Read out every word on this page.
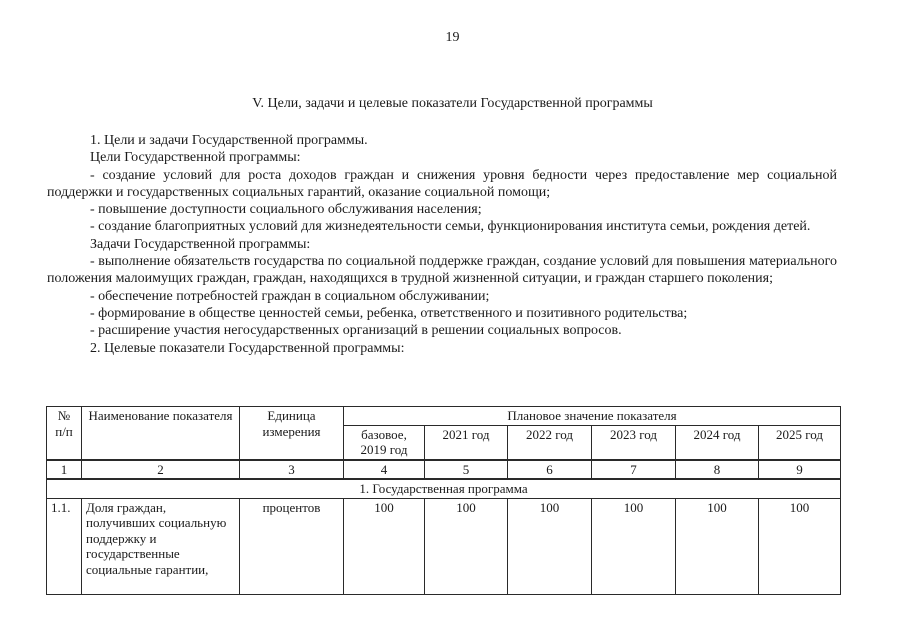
19
V. Цели, задачи и целевые показатели Государственной программы

1. Цели и задачи Государственной программы.

Цели Государственной программы:

- создание условий для роста доходов граждан и снижения уровня бедности через предоставление мер социальной поддержки и государственных социальных гарантий, оказание социальной помощи;

- повышение доступности социального обслуживания населения;

- создание благоприятных условий для жизнедеятельности семьи, функционирования института семьи, рождения детей.

Задачи Государственной программы:

- выполнение обязательств государства по социальной поддержке граждан, создание условий для повышения материального положения малоимущих граждан, граждан, находящихся в трудной жизненной ситуации, и граждан старшего поколения;

- обеспечение потребностей граждан в социальном обслуживании;

- формирование в обществе ценностей семьи, ребенка, ответственного и позитивного родительства;

- расширение участия негосударственных организаций в решении социальных вопросов.

2. Целевые показатели Государственной программы:

№ п/п	Наименование показателя	Единица измерения	Плановое значение показателя					
			базовое, 2019 год	2021 год	2022 год	2023 год	2024 год	2025 год
1	2	3	4	5	6	7	8	9
1. Государственная программа								
1.1.	Доля граждан, получивших социальную поддержку и государственные социальные гарантии,	процентов	100	100	100	100	100	100
